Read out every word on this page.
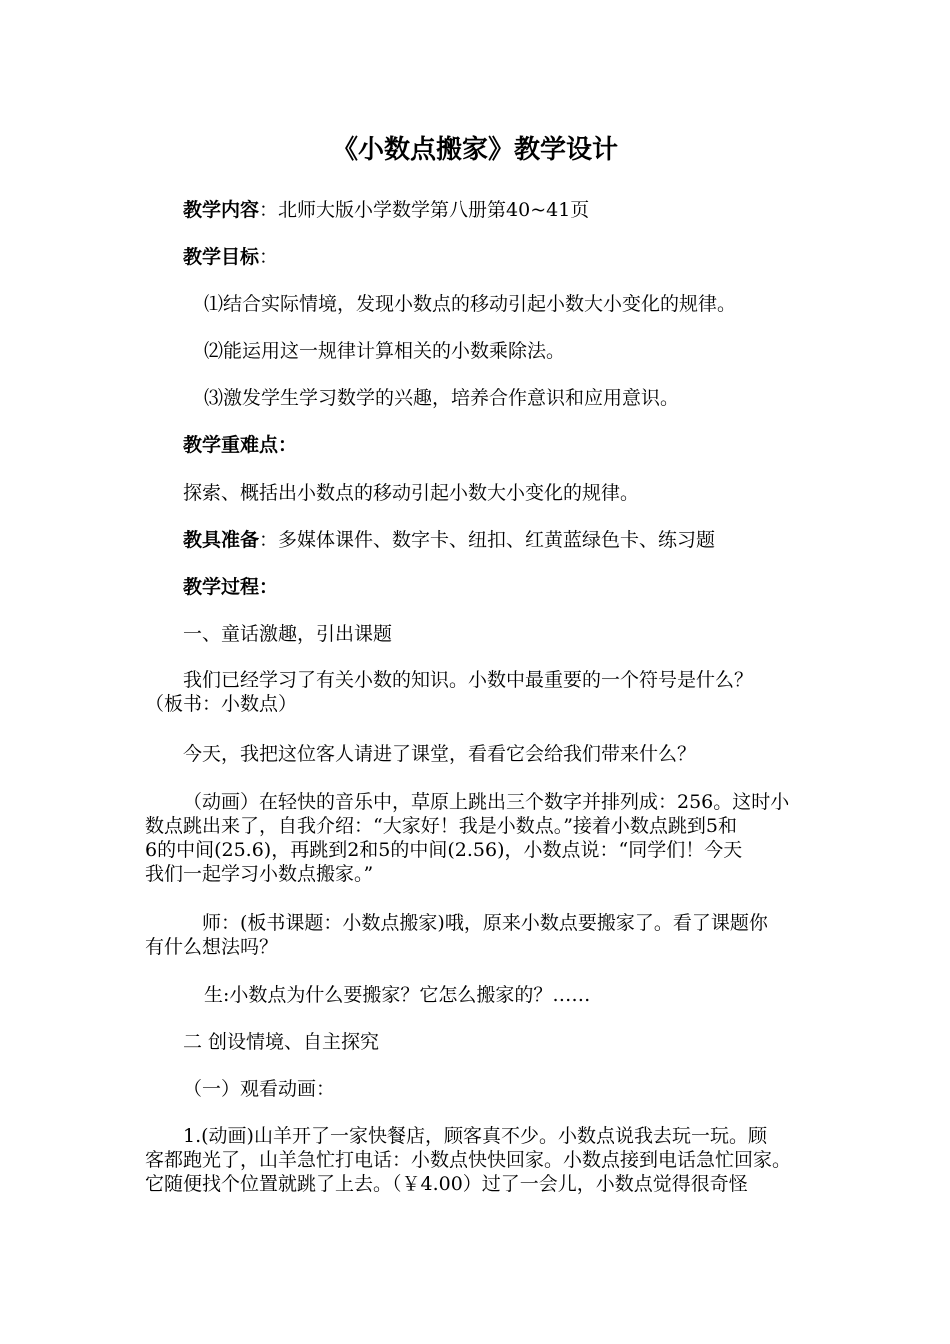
《小数点搬家》教学设计
教学内容：北师大版小学数学第八册第40~41页
教学目标：
⑴结合实际情境，发现小数点的移动引起小数大小变化的规律。
⑵能运用这一规律计算相关的小数乘除法。
⑶激发学生学习数学的兴趣，培养合作意识和应用意识。
教学重难点：
探索、概括出小数点的移动引起小数大小变化的规律。
教具准备：多媒体课件、数字卡、纽扣、红黄蓝绿色卡、练习题
教学过程：
一、童话激趣，引出课题
我们已经学习了有关小数的知识。小数中最重要的一个符号是什么？
（板书：小数点）
今天，我把这位客人请进了课堂，看看它会给我们带来什么？
（动画）在轻快的音乐中，草原上跳出三个数字并排列成：256。这时小
数点跳出来了，自我介绍：“大家好！我是小数点。”接着小数点跳到5和
6的中间(25.6)，再跳到2和5的中间(2.56)，小数点说：“同学们！今天
我们一起学习小数点搬家。”
师：(板书课题：小数点搬家)哦，原来小数点要搬家了。看了课题你
有什么想法吗？
生:小数点为什么要搬家？它怎么搬家的？……
二 创设情境、自主探究
（一）观看动画：
1.(动画)山羊开了一家快餐店，顾客真不少。小数点说我去玩一玩。顾
客都跑光了，山羊急忙打电话：小数点快快回家。小数点接到电话急忙回家。
它随便找个位置就跳了上去。（￥4.00）过了一会儿，小数点觉得很奇怪
